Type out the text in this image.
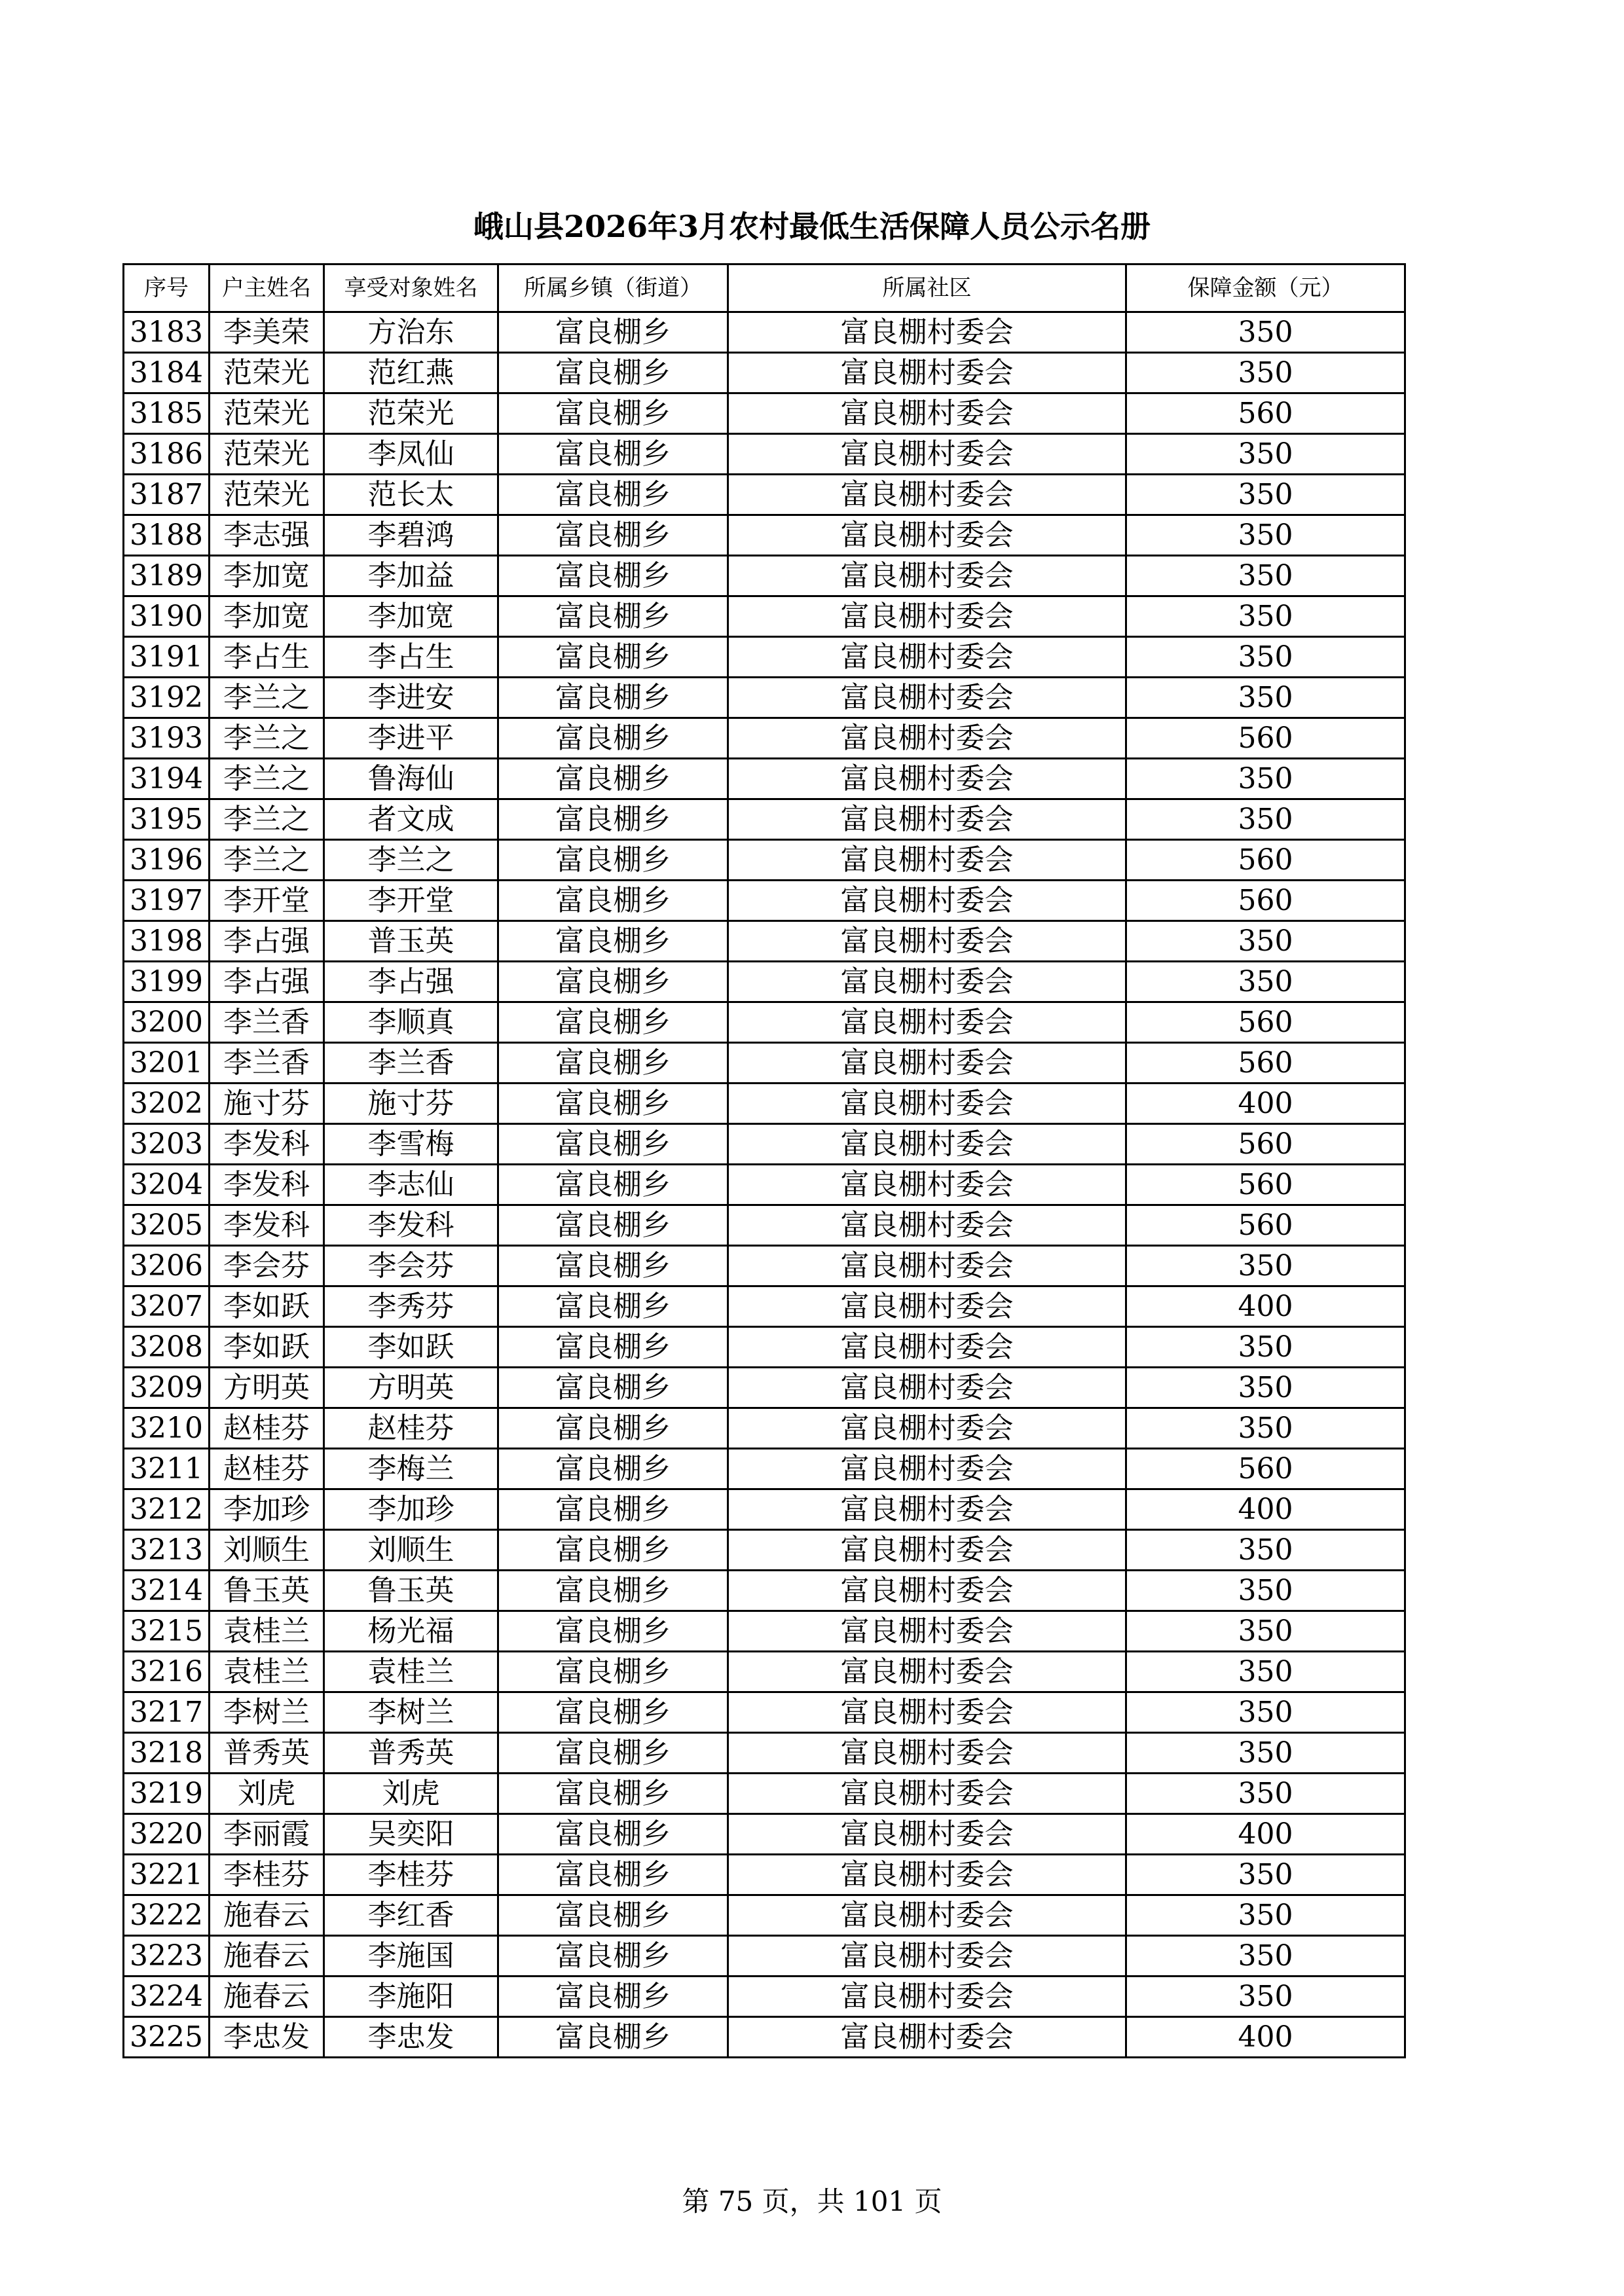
峨山县2026年3月农村最低生活保障人员公示名册
序号	户主姓名	享受对象姓名	所属乡镇（街道）	所属社区	保障金额（元）
3183	李美荣	方治东	富良棚乡	富良棚村委会	350
3184	范荣光	范红燕	富良棚乡	富良棚村委会	350
3185	范荣光	范荣光	富良棚乡	富良棚村委会	560
3186	范荣光	李凤仙	富良棚乡	富良棚村委会	350
3187	范荣光	范长太	富良棚乡	富良棚村委会	350
3188	李志强	李碧鸿	富良棚乡	富良棚村委会	350
3189	李加宽	李加益	富良棚乡	富良棚村委会	350
3190	李加宽	李加宽	富良棚乡	富良棚村委会	350
3191	李占生	李占生	富良棚乡	富良棚村委会	350
3192	李兰之	李进安	富良棚乡	富良棚村委会	350
3193	李兰之	李进平	富良棚乡	富良棚村委会	560
3194	李兰之	鲁海仙	富良棚乡	富良棚村委会	350
3195	李兰之	者文成	富良棚乡	富良棚村委会	350
3196	李兰之	李兰之	富良棚乡	富良棚村委会	560
3197	李开堂	李开堂	富良棚乡	富良棚村委会	560
3198	李占强	普玉英	富良棚乡	富良棚村委会	350
3199	李占强	李占强	富良棚乡	富良棚村委会	350
3200	李兰香	李顺真	富良棚乡	富良棚村委会	560
3201	李兰香	李兰香	富良棚乡	富良棚村委会	560
3202	施寸芬	施寸芬	富良棚乡	富良棚村委会	400
3203	李发科	李雪梅	富良棚乡	富良棚村委会	560
3204	李发科	李志仙	富良棚乡	富良棚村委会	560
3205	李发科	李发科	富良棚乡	富良棚村委会	560
3206	李会芬	李会芬	富良棚乡	富良棚村委会	350
3207	李如跃	李秀芬	富良棚乡	富良棚村委会	400
3208	李如跃	李如跃	富良棚乡	富良棚村委会	350
3209	方明英	方明英	富良棚乡	富良棚村委会	350
3210	赵桂芬	赵桂芬	富良棚乡	富良棚村委会	350
3211	赵桂芬	李梅兰	富良棚乡	富良棚村委会	560
3212	李加珍	李加珍	富良棚乡	富良棚村委会	400
3213	刘顺生	刘顺生	富良棚乡	富良棚村委会	350
3214	鲁玉英	鲁玉英	富良棚乡	富良棚村委会	350
3215	袁桂兰	杨光福	富良棚乡	富良棚村委会	350
3216	袁桂兰	袁桂兰	富良棚乡	富良棚村委会	350
3217	李树兰	李树兰	富良棚乡	富良棚村委会	350
3218	普秀英	普秀英	富良棚乡	富良棚村委会	350
3219	刘虎	刘虎	富良棚乡	富良棚村委会	350
3220	李丽霞	吴奕阳	富良棚乡	富良棚村委会	400
3221	李桂芬	李桂芬	富良棚乡	富良棚村委会	350
3222	施春云	李红香	富良棚乡	富良棚村委会	350
3223	施春云	李施国	富良棚乡	富良棚村委会	350
3224	施春云	李施阳	富良棚乡	富良棚村委会	350
3225	李忠发	李忠发	富良棚乡	富良棚村委会	400
第 75 页，共 101 页
